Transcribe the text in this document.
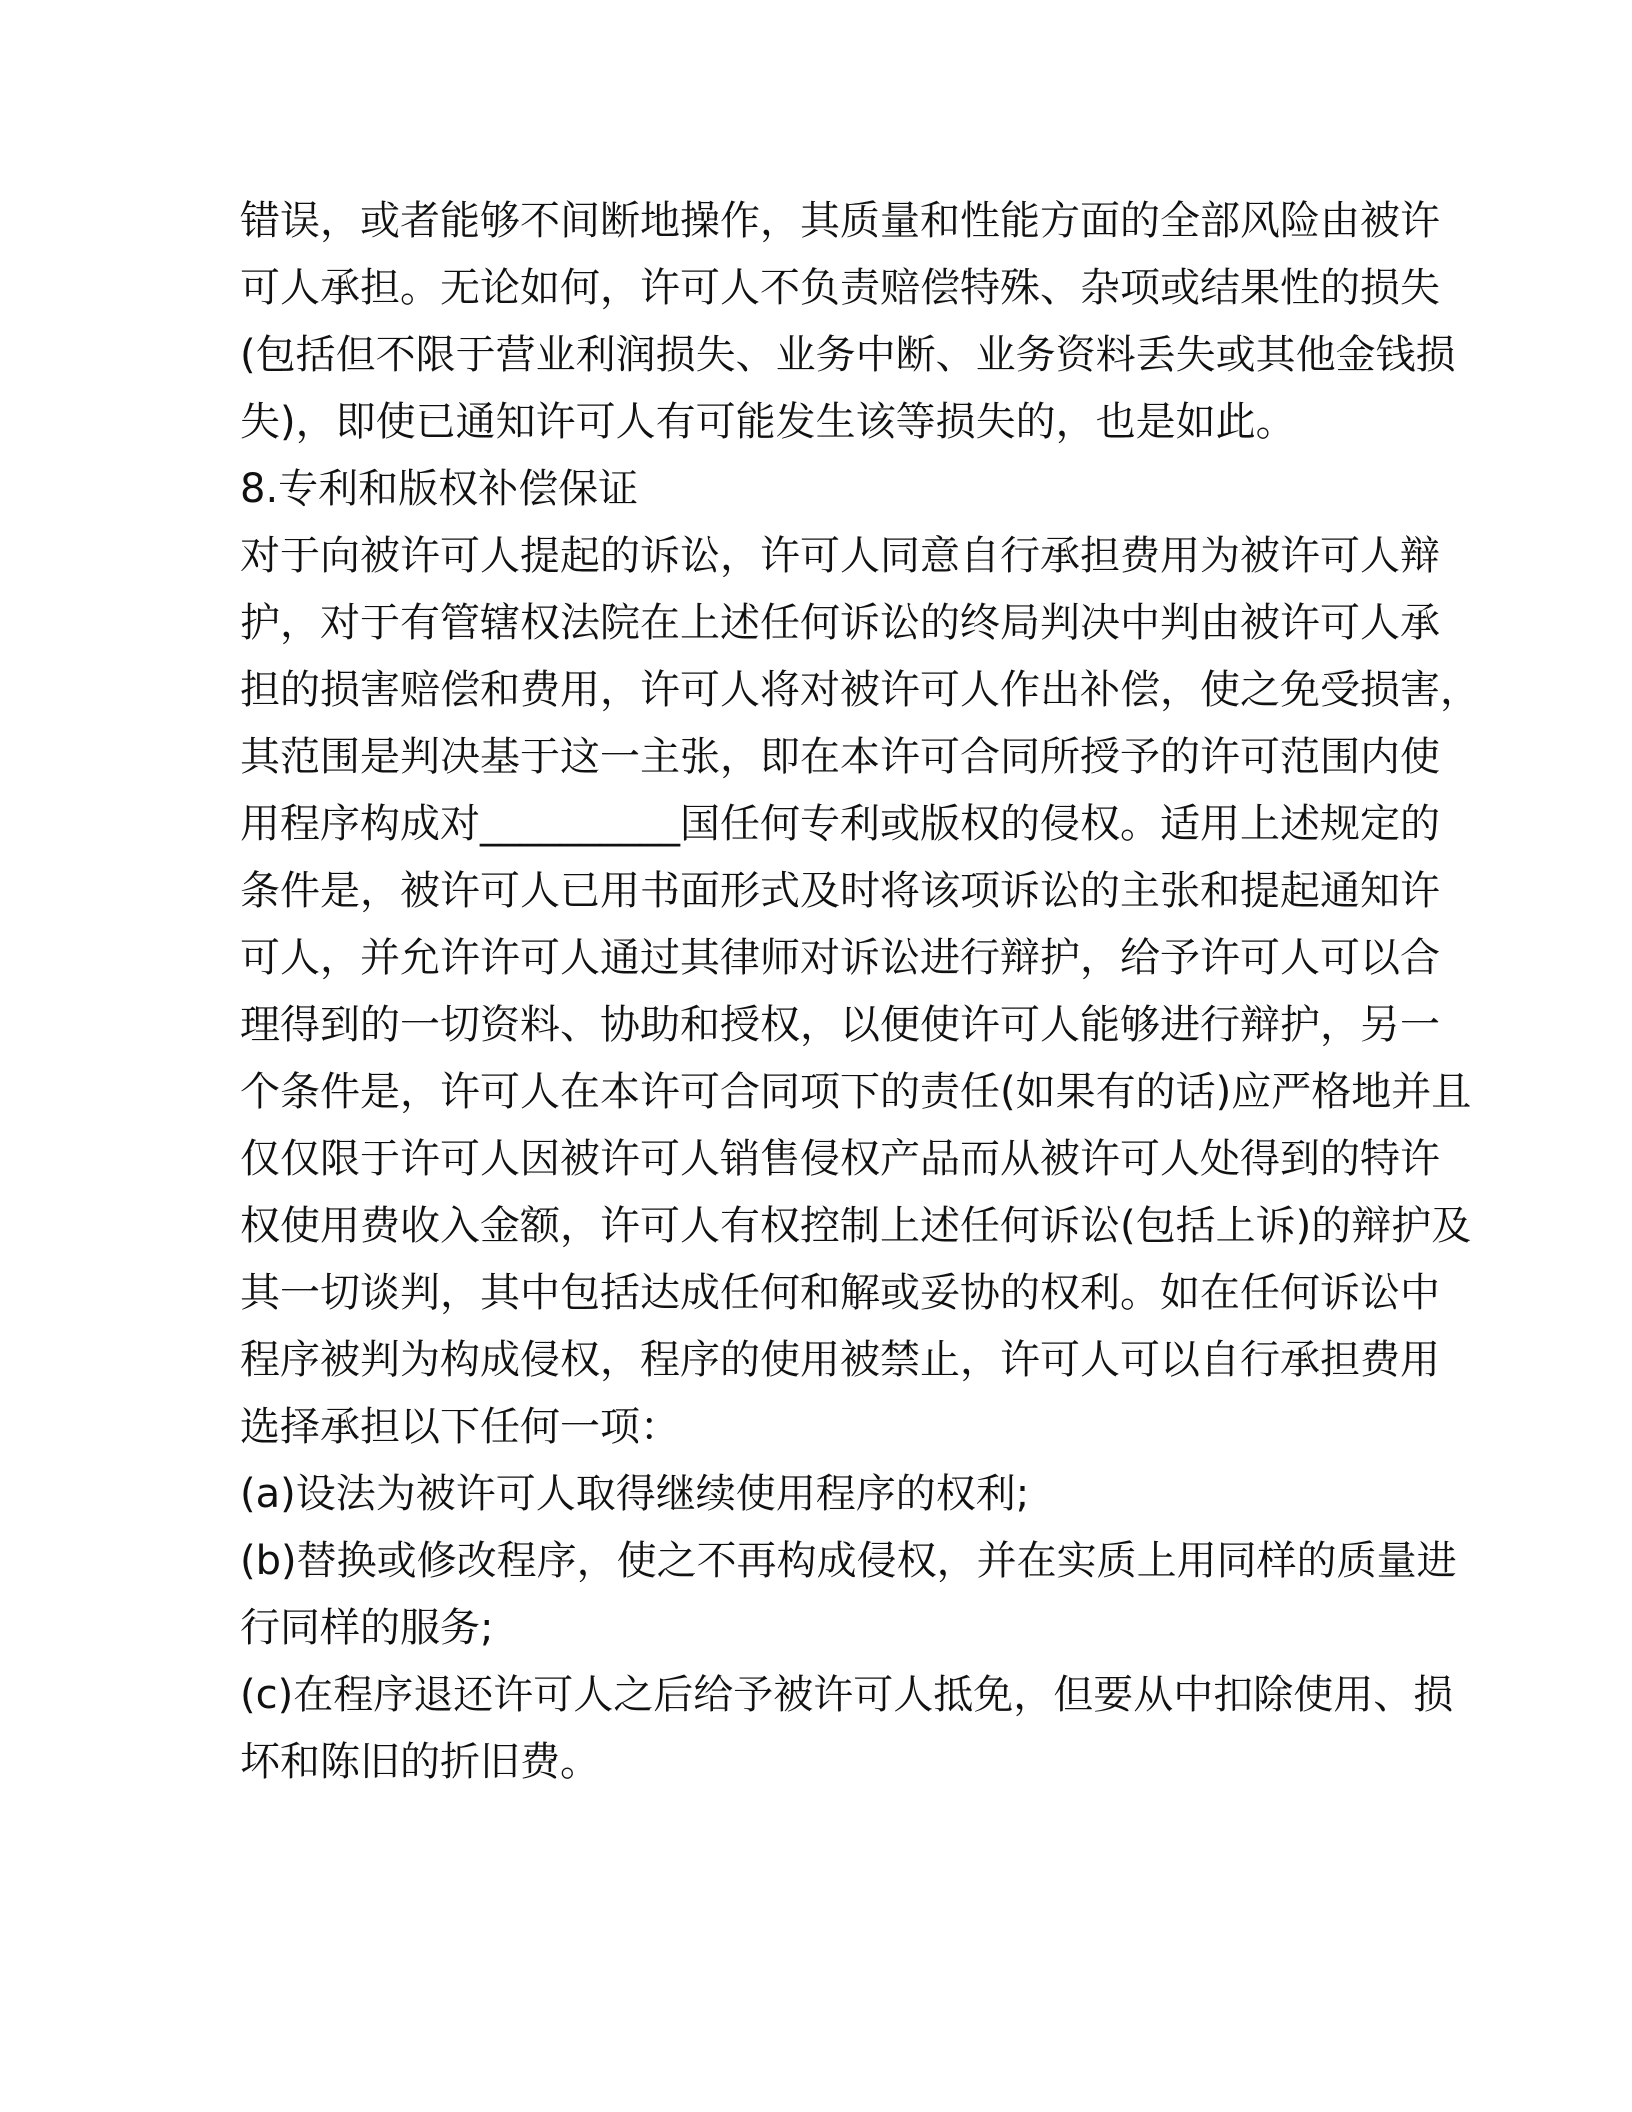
错误，或者能够不间断地操作，其质量和性能方面的全部风险由被许
可人承担。无论如何，许可人不负责赔偿特殊、杂项或结果性的损失
(包括但不限于营业利润损失、业务中断、业务资料丢失或其他金钱损
失)，即使已通知许可人有可能发生该等损失的，也是如此。
8.专利和版权补偿保证
对于向被许可人提起的诉讼，许可人同意自行承担费用为被许可人辩
护，对于有管辖权法院在上述任何诉讼的终局判决中判由被许可人承
担的损害赔偿和费用，许可人将对被许可人作出补偿，使之免受损害，
其范围是判决基于这一主张，即在本许可合同所授予的许可范围内使
用程序构成对__________国任何专利或版权的侵权。适用上述规定的
条件是，被许可人已用书面形式及时将该项诉讼的主张和提起通知许
可人，并允许许可人通过其律师对诉讼进行辩护，给予许可人可以合
理得到的一切资料、协助和授权，以便使许可人能够进行辩护，另一
个条件是，许可人在本许可合同项下的责任(如果有的话)应严格地并且
仅仅限于许可人因被许可人销售侵权产品而从被许可人处得到的特许
权使用费收入金额，许可人有权控制上述任何诉讼(包括上诉)的辩护及
其一切谈判，其中包括达成任何和解或妥协的权利。如在任何诉讼中
程序被判为构成侵权，程序的使用被禁止，许可人可以自行承担费用
选择承担以下任何一项：
(a)设法为被许可人取得继续使用程序的权利;
(b)替换或修改程序，使之不再构成侵权，并在实质上用同样的质量进
行同样的服务;
(c)在程序退还许可人之后给予被许可人抵免，但要从中扣除使用、损
坏和陈旧的折旧费。
